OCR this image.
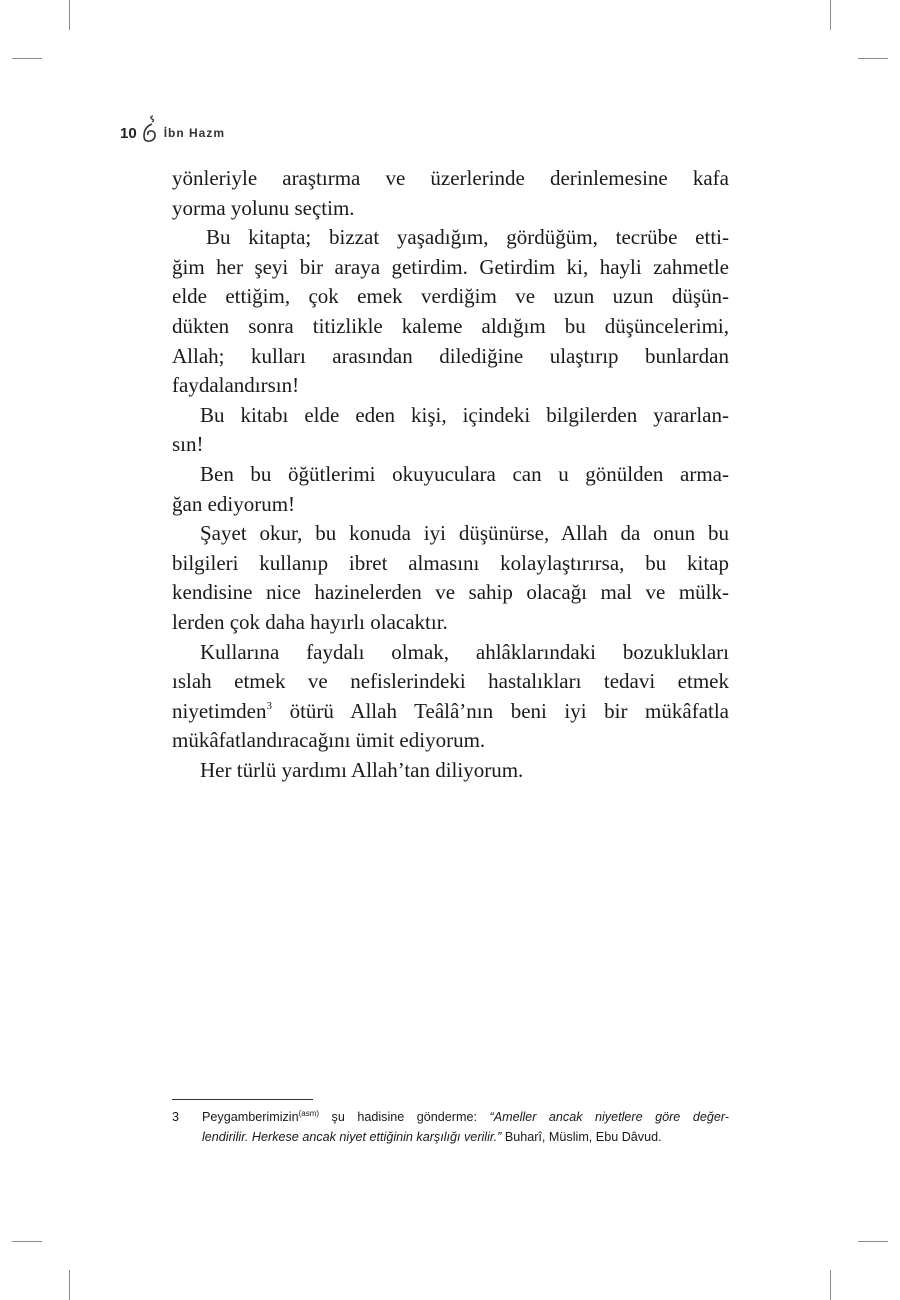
10 İbn Hazm
yönleriyle araştırma ve üzerlerinde derinlemesine kafa
yorma yolunu seçtim.
Bu kitapta; bizzat yaşadığım, gördüğüm, tecrübe etti-
ğim her şeyi bir araya getirdim. Getirdim ki, hayli zahmetle
elde ettiğim, çok emek verdiğim ve uzun uzun düşün-
dükten sonra titizlikle kaleme aldığım bu düşüncelerimi,
Allah; kulları arasından dilediğine ulaştırıp bunlardan
faydalandırsın!
Bu kitabı elde eden kişi, içindeki bilgilerden yararlan-
sın!
Ben bu öğütlerimi okuyuculara can u gönülden arma-
ğan ediyorum!
Şayet okur, bu konuda iyi düşünürse, Allah da onun bu
bilgileri kullanıp ibret almasını kolaylaştırırsa, bu kitap
kendisine nice hazinelerden ve sahip olacağı mal ve mülk-
lerden çok daha hayırlı olacaktır.
Kullarına faydalı olmak, ahlâklarındaki bozuklukları
ıslah etmek ve nefislerindeki hastalıkları tedavi etmek
niyetimden$^3$ ötürü Allah Teâlâ’nın beni iyi bir mükâfatla
mükâfatlandıracağını ümit ediyorum.
Her türlü yardımı Allah’tan diliyorum.
3 Peygamberimizin$^{(asm)}$ şu hadisine gönderme: “Ameller ancak niyetlere göre değer-
lendirilir. Herkese ancak niyet ettiğinin karşılığı verilir.” Buharî, Müslim, Ebu Dâvud.
